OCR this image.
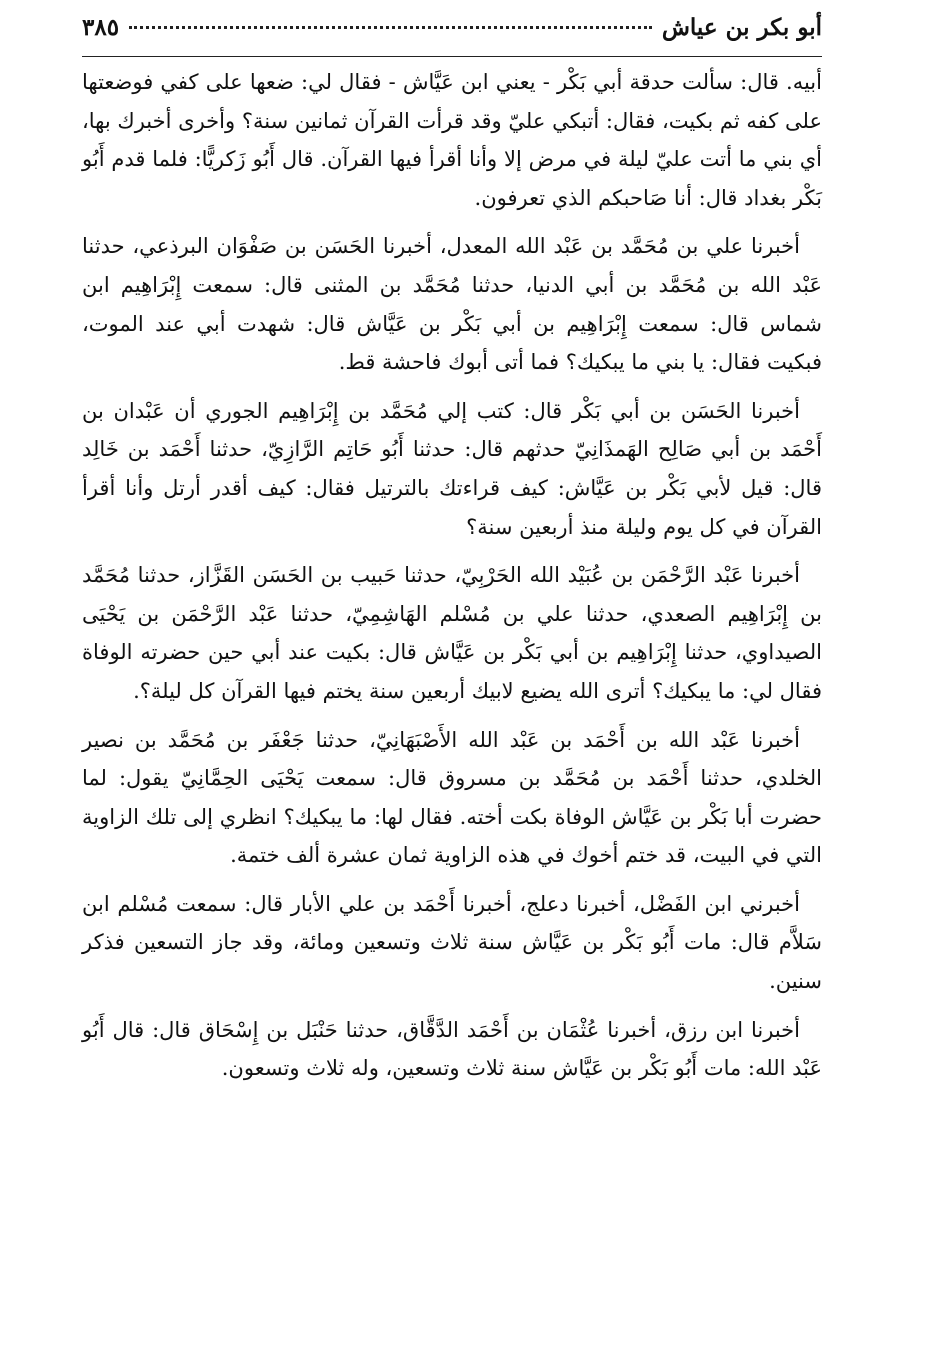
أبو بكر بن عياش
٣٨٥

أبيه. قال: سألت حدقة أبي بَكْر - يعني ابن عَيَّاش - فقال لي: ضعها على كفي فوضعتها على كفه ثم بكيت، فقال: أتبكي عليّ وقد قرأت القرآن ثمانين سنة؟ وأخرى أخبرك بها، أي بني ما أتت عليّ ليلة في مرض إلا وأنا أقرأ فيها القرآن. قال أَبُو زَكريًّا: فلما قدم أَبُو بَكْر بغداد قال: أنا صَاحبكم الذي تعرفون.

أخبرنا علي بن مُحَمَّد بن عَبْد الله المعدل، أخبرنا الحَسَن بن صَفْوَان البرذعي، حدثنا عَبْد الله بن مُحَمَّد بن أبي الدنيا، حدثنا مُحَمَّد بن المثنى قال: سمعت إِبْرَاهِيم ابن شماس قال: سمعت إِبْرَاهِيم بن أبي بَكْر بن عَيَّاش قال: شهدت أبي عند الموت، فبكيت فقال: يا بني ما يبكيك؟ فما أتى أبوك فاحشة قط.

أخبرنا الحَسَن بن أبي بَكْر قال: كتب إلي مُحَمَّد بن إِبْرَاهِيم الجوري أن عَبْدان بن أَحْمَد بن أبي صَالِح الهَمذَانِيّ حدثهم قال: حدثنا أَبُو حَاتِم الرَّازِيّ، حدثنا أَحْمَد بن خَالِد قال: قيل لأبي بَكْر بن عَيَّاش: كيف قراءتك بالترتيل فقال: كيف أقدر أرتل وأنا أقرأ القرآن في كل يوم وليلة منذ أربعين سنة؟

أخبرنا عَبْد الرَّحْمَن بن عُبَيْد الله الحَرْبِيّ، حدثنا حَبيب بن الحَسَن القَزَّاز، حدثنا مُحَمَّد بن إِبْرَاهِيم الصعدي، حدثنا علي بن مُسْلم الهَاشِمِيّ، حدثنا عَبْد الرَّحْمَن بن يَحْيَى الصيداوي، حدثنا إِبْرَاهِيم بن أبي بَكْر بن عَيَّاش قال: بكيت عند أبي حين حضرته الوفاة فقال لي: ما يبكيك؟ أترى الله يضيع لابيك أربعين سنة يختم فيها القرآن كل ليلة؟.

أخبرنا عَبْد الله بن أَحْمَد بن عَبْد الله الأَصْبَهَانِيّ، حدثنا جَعْفَر بن مُحَمَّد بن نصير الخلدي، حدثنا أَحْمَد بن مُحَمَّد بن مسروق قال: سمعت يَحْيَى الحِمَّانِيّ يقول: لما حضرت أبا بَكْر بن عَيَّاش الوفاة بكت أخته. فقال لها: ما يبكيك؟ انظري إلى تلك الزاوية التي في البيت، قد ختم أخوك في هذه الزاوية ثمان عشرة ألف ختمة.

أخبرني ابن الفَضْل، أخبرنا دعلج، أخبرنا أَحْمَد بن علي الأبار قال: سمعت مُسْلم ابن سَلاَّم قال: مات أَبُو بَكْر بن عَيَّاش سنة ثلاث وتسعين ومائة، وقد جاز التسعين فذكر سنين.

أخبرنا ابن رزق، أخبرنا عُثْمَان بن أَحْمَد الدَّقَّاق، حدثنا حَنْبَل بن إِسْحَاق قال: قال أَبُو عَبْد الله: مات أَبُو بَكْر بن عَيَّاش سنة ثلاث وتسعين، وله ثلاث وتسعون.
